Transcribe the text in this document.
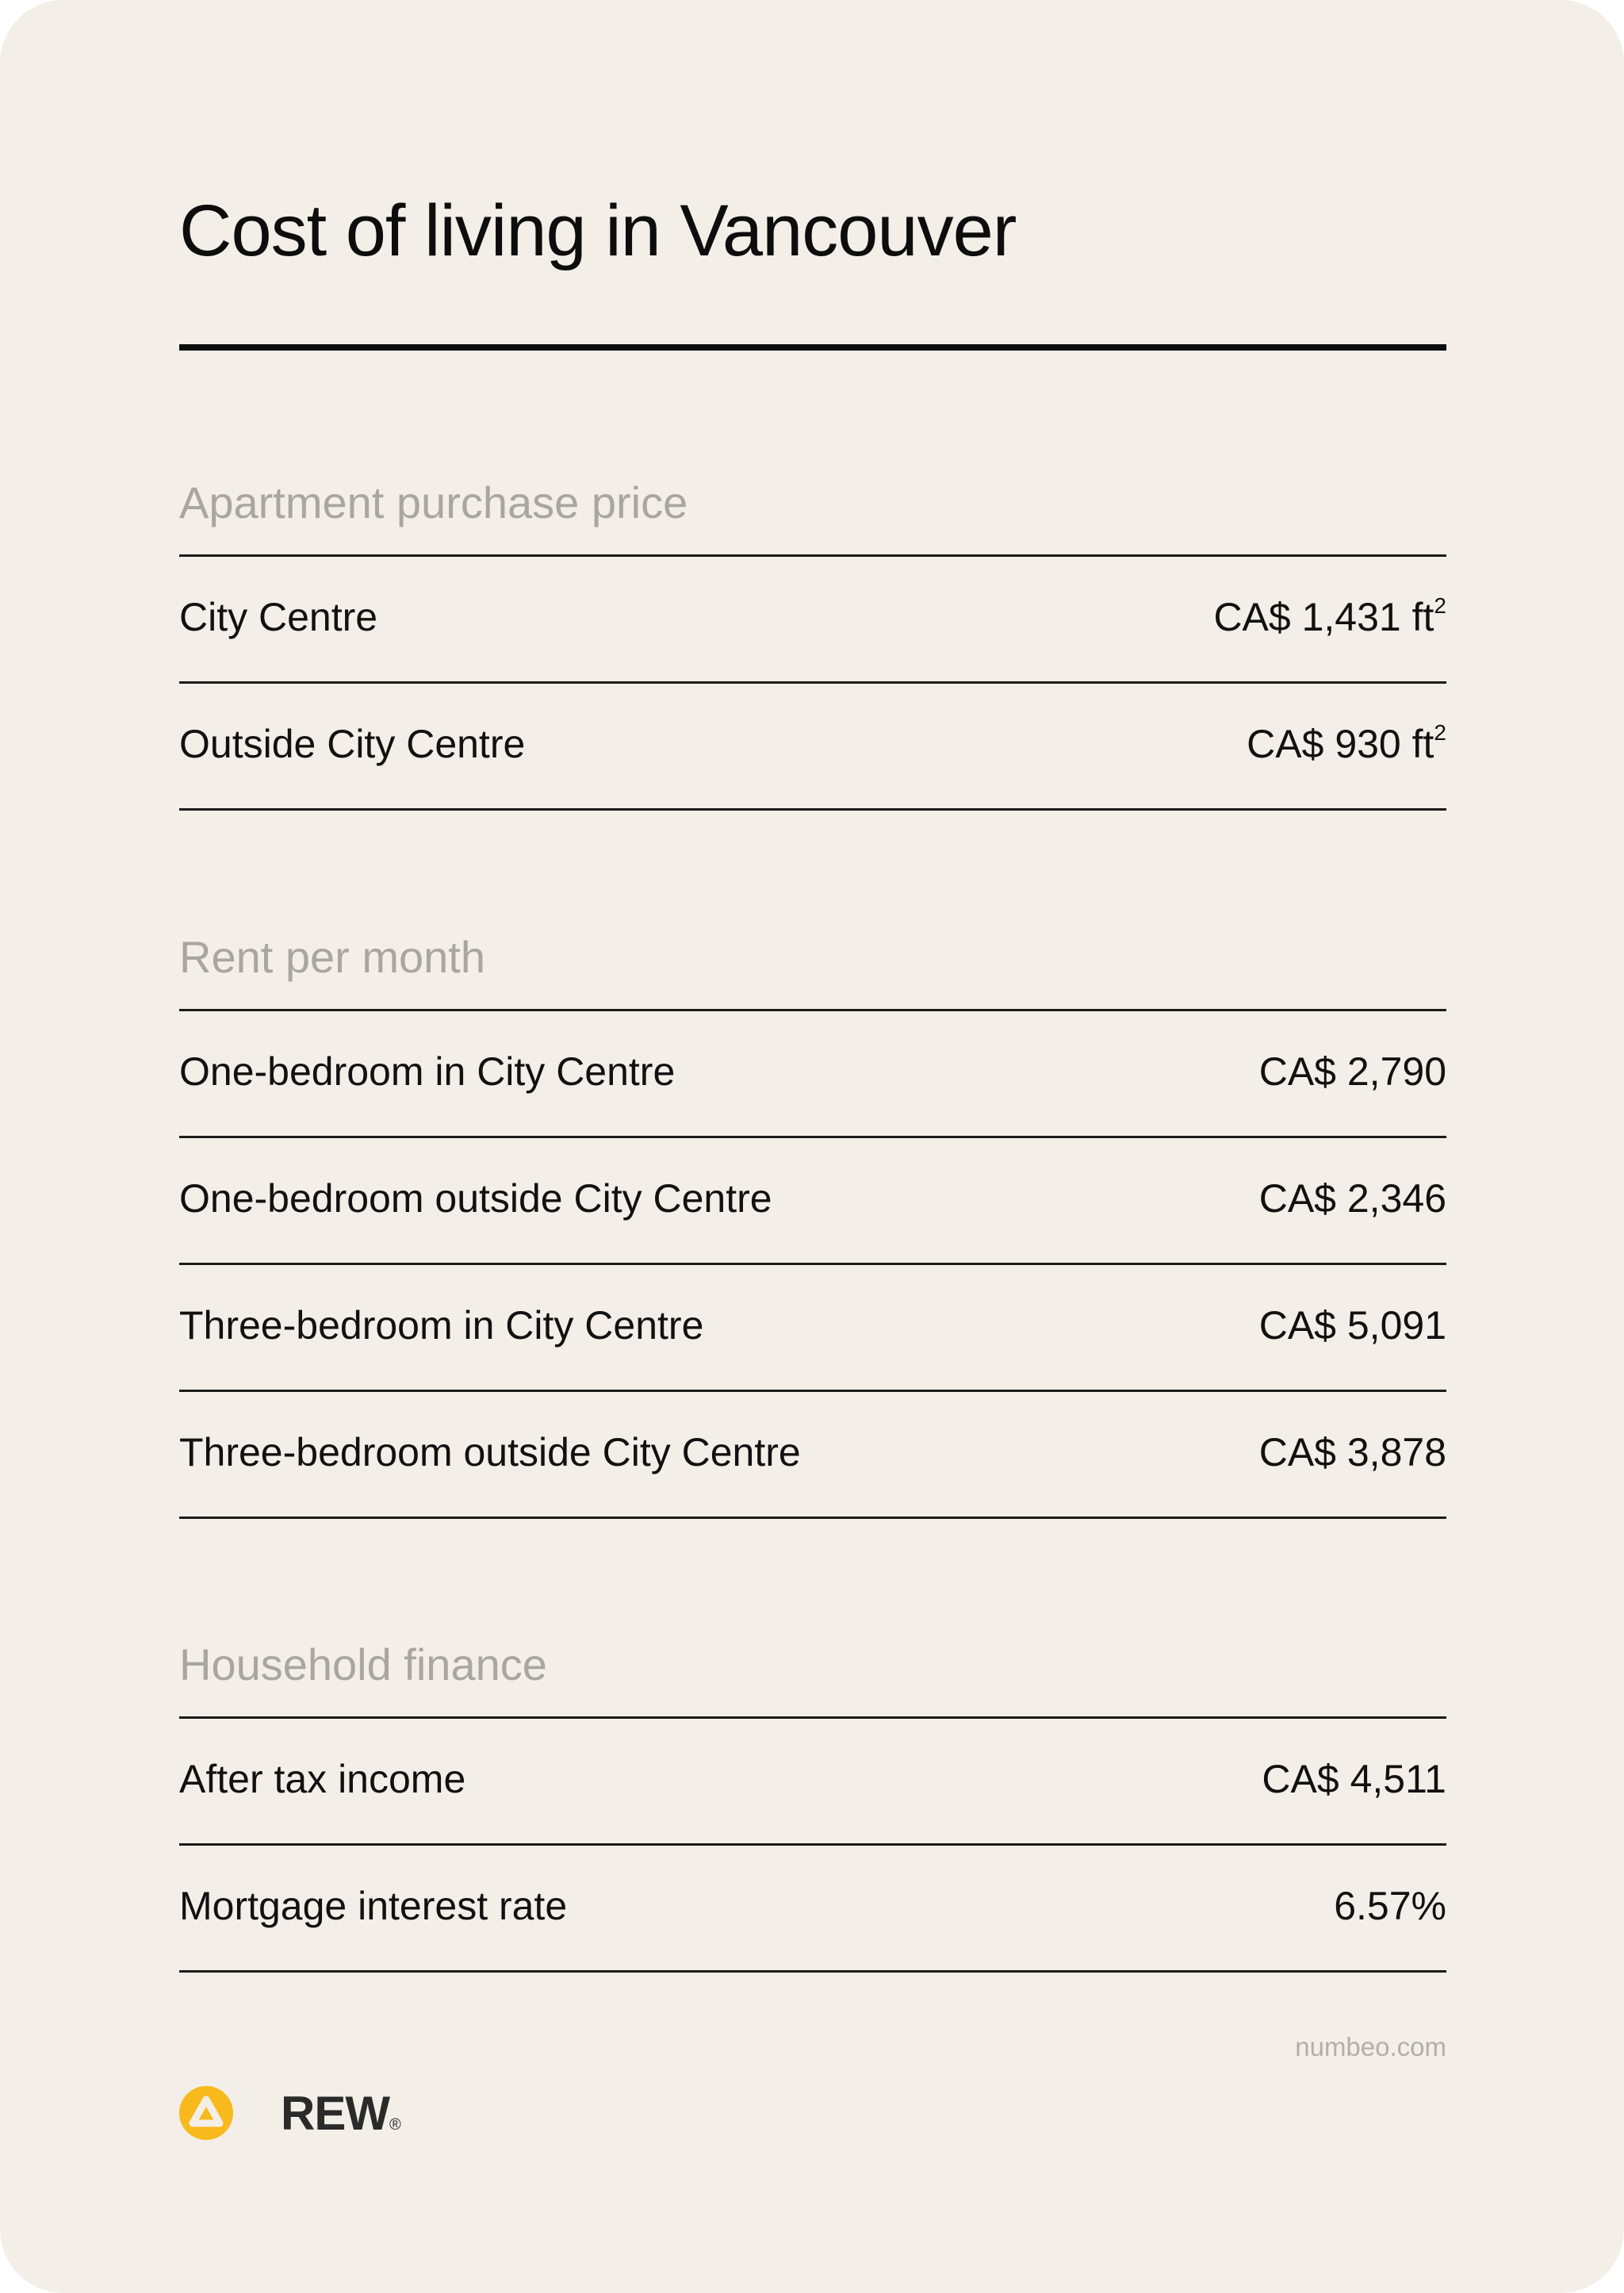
Cost of living in Vancouver
Apartment purchase price
City Centre	CA$ 1,431 $ft^2$
Outside City Centre	CA$ 930 $ft^2$
Rent per month
One-bedroom in City Centre	CA$ 2,790
One-bedroom outside City Centre	CA$ 2,346
Three-bedroom in City Centre	CA$ 5,091
Three-bedroom outside City Centre	CA$ 3,878
Household finance
After tax income	CA$ 4,511
Mortgage interest rate	6.57%
numbeo.com
REW®
